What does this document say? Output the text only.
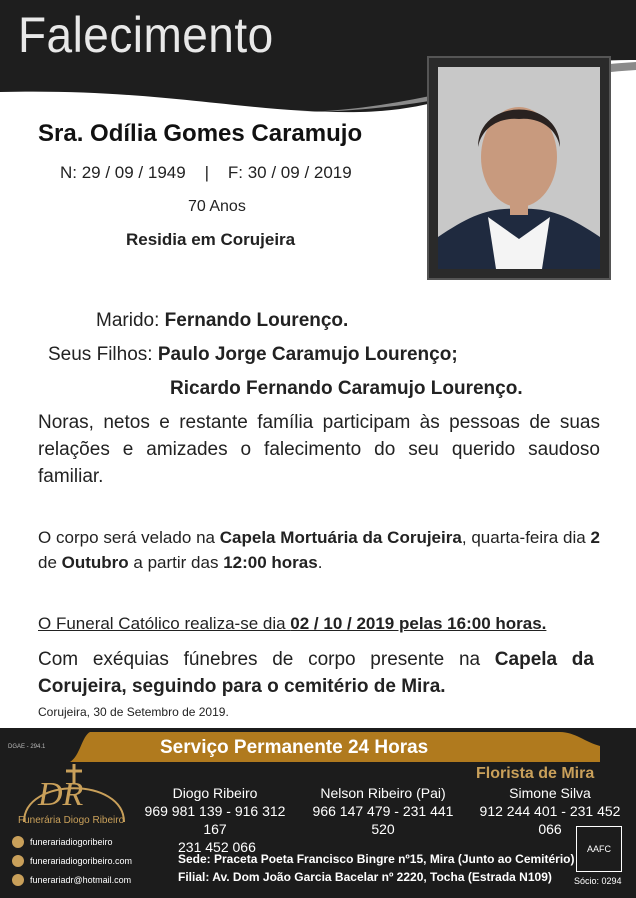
Falecimento
Sra. Odília Gomes Caramujo
N: 29 / 09 / 1949    |    F: 30 / 09 / 2019
70 Anos
Residia em Corujeira
Marido: Fernando Lourenço.
Seus Filhos: Paulo Jorge Caramujo Lourenço;
Ricardo Fernando Caramujo Lourenço.
Noras, netos e restante família participam às pessoas de suas relações e amizades o falecimento do seu querido saudoso familiar.
O corpo será velado na Capela Mortuária da Corujeira, quarta-feira dia 2 de Outubro a partir das 12:00 horas.
O Funeral Católico realiza-se dia 02 / 10 / 2019 pelas 16:00 horas.
Com exéquias fúnebres de corpo presente na Capela da Corujeira, seguindo para o cemitério de Mira.
Corujeira, 30 de Setembro de 2019.
DGAE - 294.1	Serviço Permanente 24 Horas
DR
Funerária Diogo Ribeiro
Diogo Ribeiro
969 981 139 - 916 312 167
231 452 066
Nelson Ribeiro (Pai)
966 147 479 - 231 441 520
Florista de Mira
Simone Silva
912 244 401 - 231 452 066
funerariadiogoribeiro
funerariadiogoribeiro.com
funerariadr@hotmail.com
Sede: Praceta Poeta Francisco Bingre nº15, Mira (Junto ao Cemitério)
Filial: Av. Dom João Garcia Bacelar nº 2220, Tocha (Estrada N109)
AAFC
Sócio: 0294
